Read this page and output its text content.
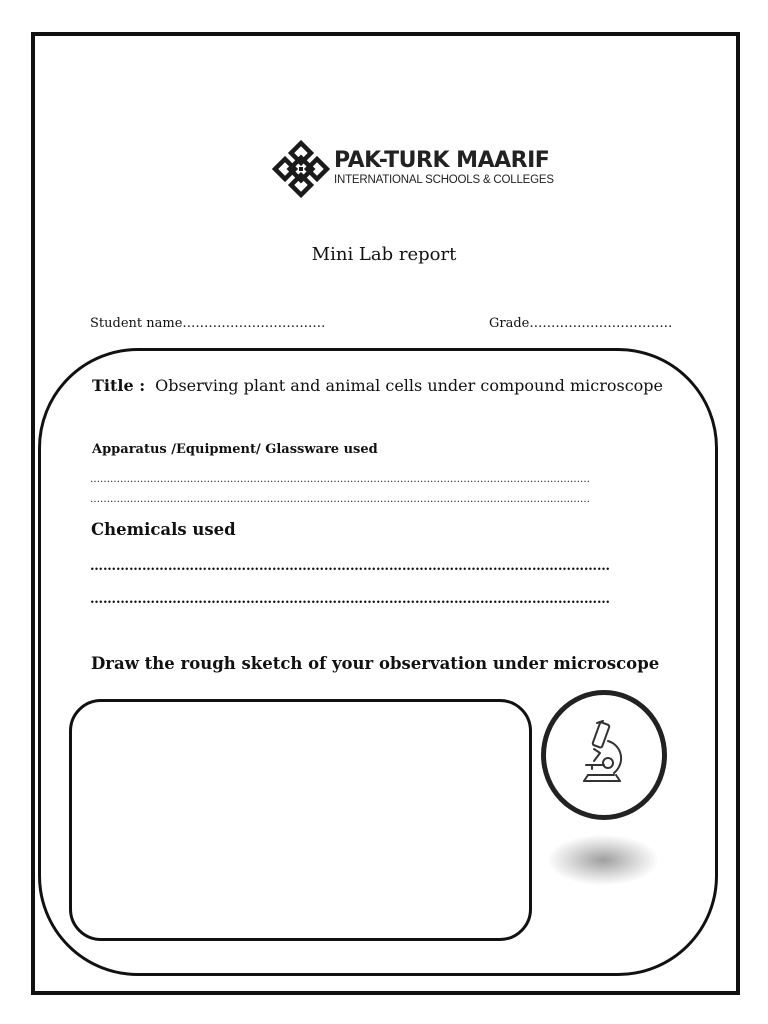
PAK-TURK MAARIF
INTERNATIONAL SCHOOLS & COLLEGES
Mini Lab report
Student name……………………………	Grade……………………………
Title : Observing plant and animal cells under compound microscope
Apparatus /Equipment/ Glassware used
……………………………………………………………………………………………………………………………………
……………………………………………………………………………………………………………………………………
Chemicals used
…………………………………………………………………………………………………………
…………………………………………………………………………………………………………
Draw the rough sketch of your observation under microscope
